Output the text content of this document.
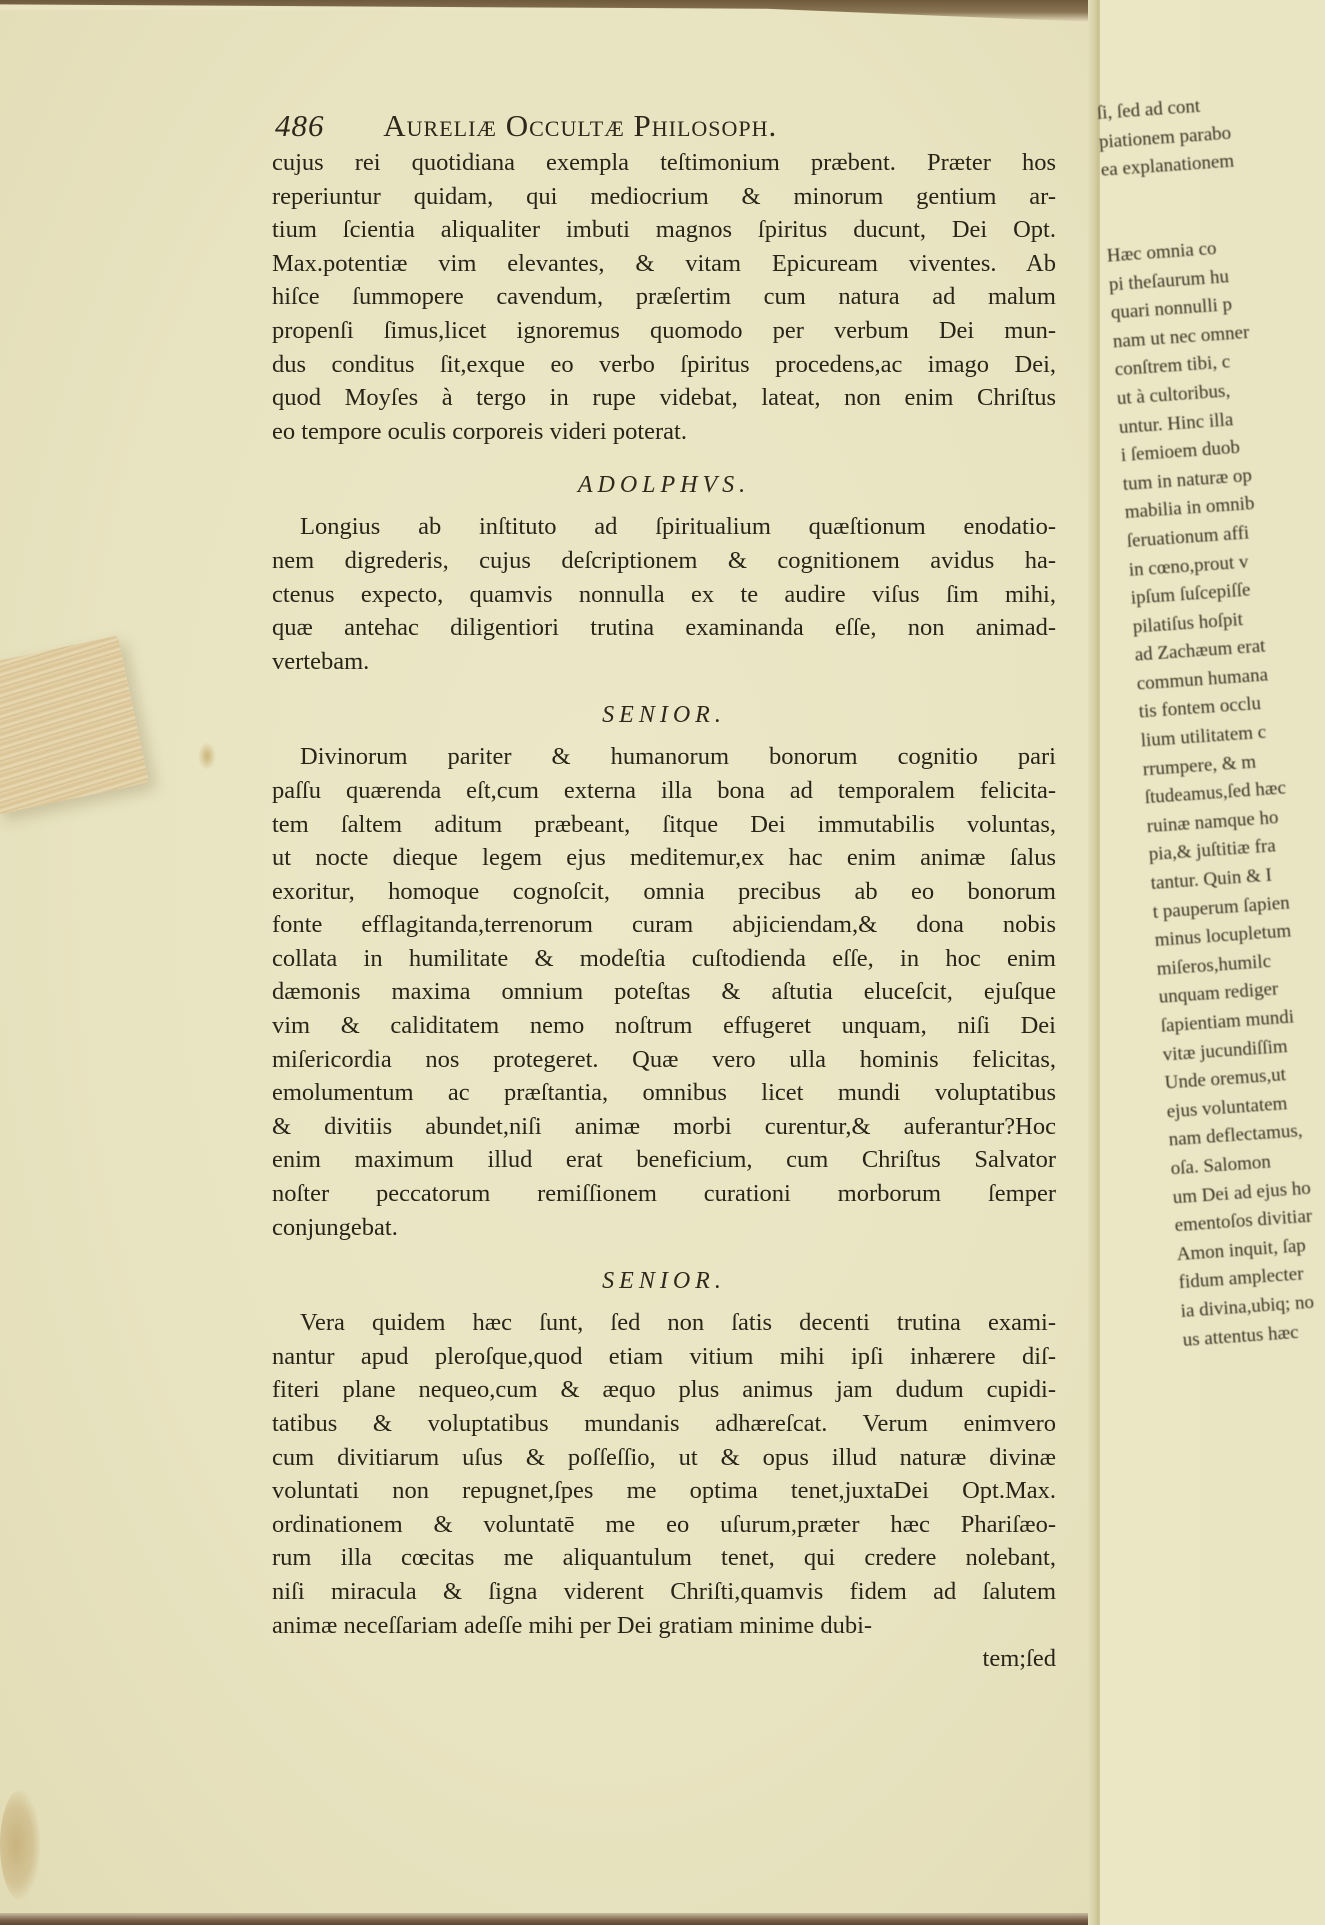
ſi, ſed ad cont
piationem parabo
ea explanationem
Hæc omnia co
pi theſaurum hu
quari nonnulli p
nam ut nec omner
conſtrem tibi, c
ut à cultoribus,
untur. Hinc illa
i ſemioem duob
tum in naturæ op
mabilia in omnib
ſeruationum affi
in cœno,prout v
ipſum ſuſcepiſſe
pilatiſus hoſpit
ad Zachæum erat
commun humana
tis fontem occlu
lium utilitatem c
rrumpere, & m
ſtudeamus,ſed hæc
ruinæ namque ho
pia,& juſtitiæ fra
tantur. Quin & I
t pauperum ſapien
minus locupletum
miſeros,humilc
unquam rediger
ſapientiam mundi
vitæ jucundiſſim
Unde oremus,ut
ejus voluntatem
nam deflectamus,
oſa. Salomon
um Dei ad ejus ho
ementoſos divitiar
Amon inquit, ſap
fidum amplecter
ia divina,ubiq; no
us attentus hæc
486 Aureliæ Occultæ Philosoph.
cujus rei quotidiana exempla teſtimonium præbent. Præter hos
reperiuntur quidam, qui mediocrium & minorum gentium ar-
tium ſcientia aliqualiter imbuti magnos ſpiritus ducunt, Dei Opt.
Max.potentiæ vim elevantes, & vitam Epicuream viventes. Ab
hiſce ſummopere cavendum, præſertim cum natura ad malum
propenſi ſimus,licet ignoremus quomodo per verbum Dei mun-
dus conditus ſit,exque eo verbo ſpiritus procedens,ac imago Dei,
quod Moyſes à tergo in rupe videbat, lateat, non enim Chriſtus
eo tempore oculis corporeis videri poterat.
ADOLPHVS.
Longius ab inſtituto ad ſpiritualium quæſtionum enodatio-
nem digrederis, cujus deſcriptionem & cognitionem avidus ha-
ctenus expecto, quamvis nonnulla ex te audire viſus ſim mihi,
quæ antehac diligentiori trutina examinanda eſſe, non animad-
vertebam.
SENIOR.
Divinorum pariter & humanorum bonorum cognitio pari
paſſu quærenda eſt,cum externa illa bona ad temporalem felicita-
tem ſaltem aditum præbeant, ſitque Dei immutabilis voluntas,
ut nocte dieque legem ejus meditemur,ex hac enim animæ ſalus
exoritur, homoque cognoſcit, omnia precibus ab eo bonorum
fonte efflagitanda,terrenorum curam abjiciendam,& dona nobis
collata in humilitate & modeſtia cuſtodienda eſſe, in hoc enim
dæmonis maxima omnium poteſtas & aſtutia eluceſcit, ejuſque
vim & caliditatem nemo noſtrum effugeret unquam, niſi Dei
miſericordia nos protegeret. Quæ vero ulla hominis felicitas,
emolumentum ac præſtantia, omnibus licet mundi voluptatibus
& divitiis abundet,niſi animæ morbi curentur,& auferantur?Hoc
enim maximum illud erat beneficium, cum Chriſtus Salvator
noſter peccatorum remiſſionem curationi morborum ſemper
conjungebat.
SENIOR.
Vera quidem hæc ſunt, ſed non ſatis decenti trutina exami-
nantur apud pleroſque,quod etiam vitium mihi ipſi inhærere diſ-
fiteri plane nequeo,cum & æquo plus animus jam dudum cupidi-
tatibus & voluptatibus mundanis adhæreſcat. Verum enimvero
cum divitiarum uſus & poſſeſſio, ut & opus illud naturæ divinæ
voluntati non repugnet,ſpes me optima tenet,juxtaDei Opt.Max.
ordinationem & voluntatē me eo uſurum,præter hæc Phariſæo-
rum illa cœcitas me aliquantulum tenet, qui credere nolebant,
niſi miracula & ſigna viderent Chriſti,quamvis fidem ad ſalutem
animæ neceſſariam adeſſe mihi per Dei gratiam minime dubi-
tem;ſed
